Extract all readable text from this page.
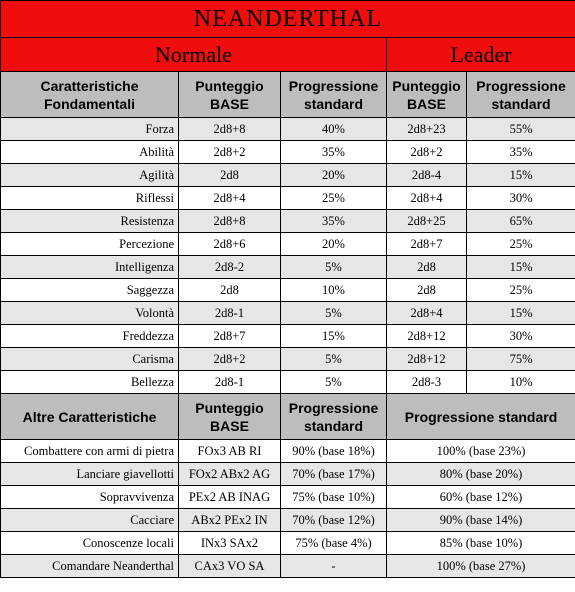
NEANDERTHAL				
Normale			Leader	
Caratteristiche Fondamentali	Punteggio BASE	Progressione standard	Punteggio BASE	Progressione standard
Forza	2d8+8	40%	2d8+23	55%
Abilità	2d8+2	35%	2d8+2	35%
Agilità	2d8	20%	2d8-4	15%
Riflessi	2d8+4	25%	2d8+4	30%
Resistenza	2d8+8	35%	2d8+25	65%
Percezione	2d8+6	20%	2d8+7	25%
Intelligenza	2d8-2	5%	2d8	15%
Saggezza	2d8	10%	2d8	25%
Volontà	2d8-1	5%	2d8+4	15%
Freddezza	2d8+7	15%	2d8+12	30%
Carisma	2d8+2	5%	2d8+12	75%
Bellezza	2d8-1	5%	2d8-3	10%
Altre Caratteristiche	Punteggio BASE	Progressione standard	Progressione standard	
Combattere con armi di pietra	FOx3 AB RI	90% (base 18%)	100% (base 23%)	
Lanciare giavellotti	FOx2 ABx2 AG	70% (base 17%)	80% (base 20%)	
Sopravvivenza	PEx2 AB INAG	75% (base 10%)	60% (base 12%)	
Cacciare	ABx2 PEx2 IN	70% (base 12%)	90% (base 14%)	
Conoscenze locali	INx3 SAx2	75% (base 4%)	85% (base 10%)	
Comandare Neanderthal	CAx3 VO SA	-	100% (base 27%)	
